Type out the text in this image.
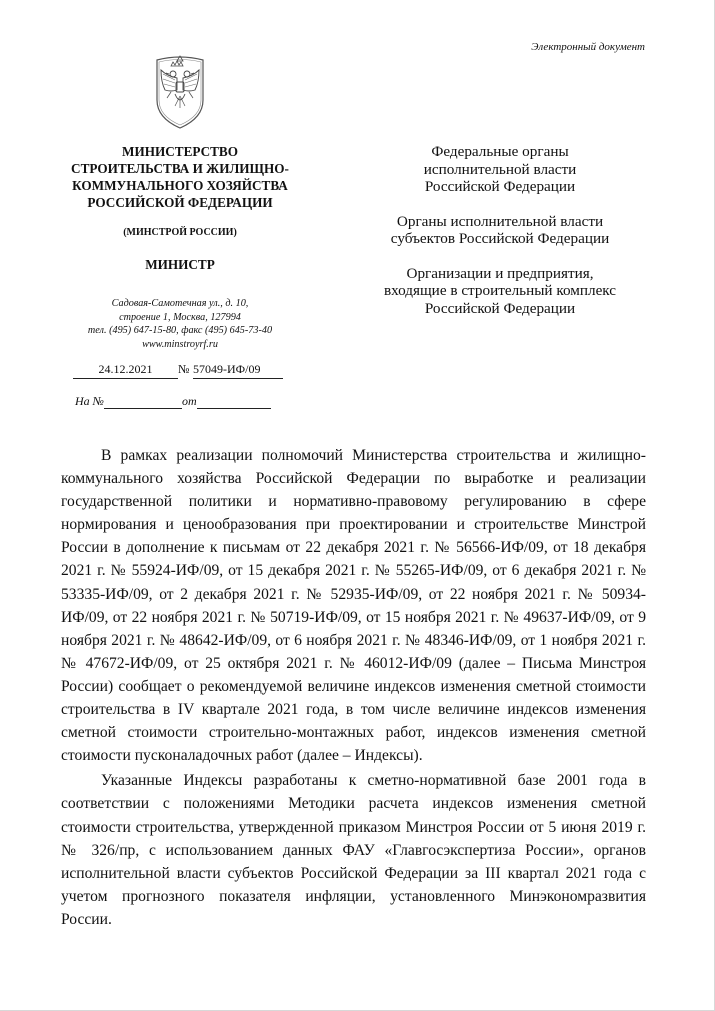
Электронный документ
МИНИСТЕРСТВО
СТРОИТЕЛЬСТВА И ЖИЛИЩНО-
КОММУНАЛЬНОГО ХОЗЯЙСТВА
РОССИЙСКОЙ ФЕДЕРАЦИИ
(МИНСТРОЙ РОССИИ)
МИНИСТР
Садовая-Самотечная ул., д. 10,
строение 1, Москва, 127994
тел. (495) 647-15-80, факс (495) 645-73-40
www.minstroyrf.ru
24.12.2021	№ 57049-ИФ/09
На №	от
Федеральные органы
исполнительной власти
Российской Федерации
Органы исполнительной власти
субъектов Российской Федерации
Организации и предприятия,
входящие в строительный комплекс
Российской Федерации

В рамках реализации полномочий Министерства строительства и жилищно-коммунального хозяйства Российской Федерации по выработке и реализации государственной политики и нормативно-правовому регулированию в сфере нормирования и ценообразования при проектировании и строительстве Минстрой России в дополнение к письмам от 22 декабря 2021 г. № 56566-ИФ/09, от 18 декабря 2021 г. № 55924-ИФ/09, от 15 декабря 2021 г. № 55265-ИФ/09, от 6 декабря 2021 г. № 53335-ИФ/09, от 2 декабря 2021 г. № 52935-ИФ/09, от 22 ноября 2021 г. № 50934-ИФ/09, от 22 ноября 2021 г. № 50719-ИФ/09, от 15 ноября 2021 г. № 49637-ИФ/09, от 9 ноября 2021 г. № 48642-ИФ/09, от 6 ноября 2021 г. № 48346-ИФ/09, от 1 ноября 2021 г. № 47672-ИФ/09, от 25 октября 2021 г. № 46012-ИФ/09 (далее – Письма Минстроя России) сообщает о рекомендуемой величине индексов изменения сметной стоимости строительства в IV квартале 2021 года, в том числе величине индексов изменения сметной стоимости строительно-монтажных работ, индексов изменения сметной стоимости пусконаладочных работ (далее – Индексы).

Указанные Индексы разработаны к сметно-нормативной базе 2001 года в соответствии с положениями Методики расчета индексов изменения сметной стоимости строительства, утвержденной приказом Минстроя России от 5 июня 2019 г. № 326/пр, с использованием данных ФАУ «Главгосэкспертиза России», органов исполнительной власти субъектов Российской Федерации за III квартал 2021 года с учетом прогнозного показателя инфляции, установленного Минэкономразвития России.
